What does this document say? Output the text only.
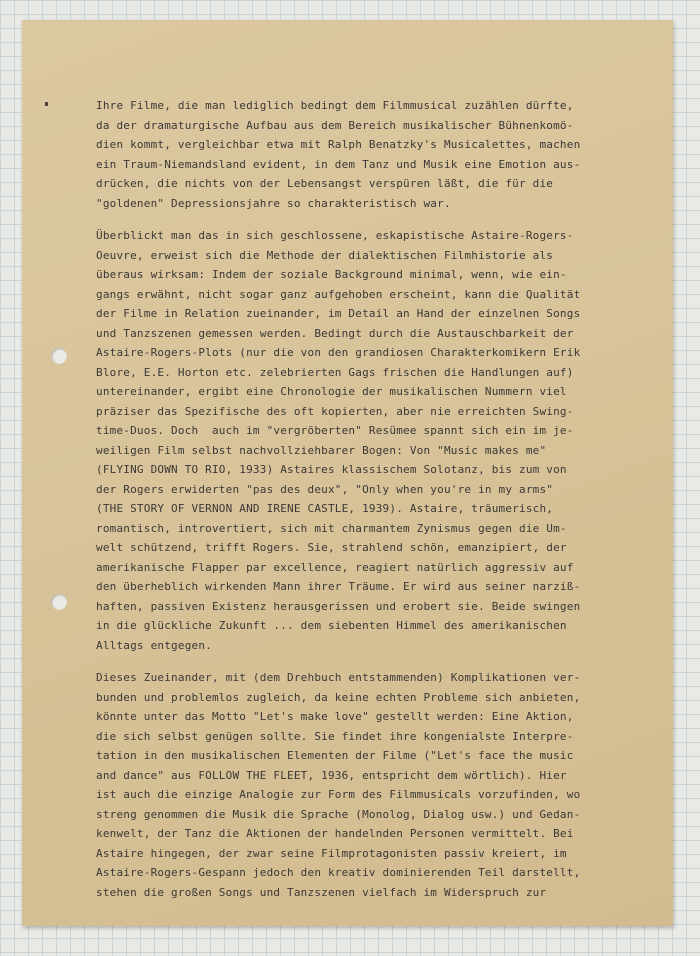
Ihre Filme, die man lediglich bedingt dem Filmmusical zuzählen dürfte,
da der dramaturgische Aufbau aus dem Bereich musikalischer Bühnenkomö-
dien kommt, vergleichbar etwa mit Ralph Benatzky's Musicalettes, machen
ein Traum-Niemandsland evident, in dem Tanz und Musik eine Emotion aus-
drücken, die nichts von der Lebensangst verspüren läßt, die für die
"goldenen" Depressionsjahre so charakteristisch war.

Überblickt man das in sich geschlossene, eskapistische Astaire-Rogers-
Oeuvre, erweist sich die Methode der dialektischen Filmhistorie als
überaus wirksam: Indem der soziale Background minimal, wenn, wie ein-
gangs erwähnt, nicht sogar ganz aufgehoben erscheint, kann die Qualität
der Filme in Relation zueinander, im Detail an Hand der einzelnen Songs
und Tanzszenen gemessen werden. Bedingt durch die Austauschbarkeit der
Astaire-Rogers-Plots (nur die von den grandiosen Charakterkomikern Erik
Blore, E.E. Horton etc. zelebrierten Gags frischen die Handlungen auf)
untereinander, ergibt eine Chronologie der musikalischen Nummern viel
präziser das Spezifische des oft kopierten, aber nie erreichten Swing-
time-Duos. Doch  auch im "vergröberten" Resümee spannt sich ein im je-
weiligen Film selbst nachvollziehbarer Bogen: Von "Music makes me"
(FLYING DOWN TO RIO, 1933) Astaires klassischem Solotanz, bis zum von
der Rogers erwiderten "pas des deux", "Only when you're in my arms"
(THE STORY OF VERNON AND IRENE CASTLE, 1939). Astaire, träumerisch,
romantisch, introvertiert, sich mit charmantem Zynismus gegen die Um-
welt schützend, trifft Rogers. Sie, strahlend schön, emanzipiert, der
amerikanische Flapper par excellence, reagiert natürlich aggressiv auf
den überheblich wirkenden Mann ihrer Träume. Er wird aus seiner narziß-
haften, passiven Existenz herausgerissen und erobert sie. Beide swingen
in die glückliche Zukunft ... dem siebenten Himmel des amerikanischen
Alltags entgegen.

Dieses Zueinander, mit (dem Drehbuch entstammenden) Komplikationen ver-
bunden und problemlos zugleich, da keine echten Probleme sich anbieten,
könnte unter das Motto "Let's make love" gestellt werden: Eine Aktion,
die sich selbst genügen sollte. Sie findet ihre kongenialste Interpre-
tation in den musikalischen Elementen der Filme ("Let's face the music
and dance" aus FOLLOW THE FLEET, 1936, entspricht dem wörtlich). Hier
ist auch die einzige Analogie zur Form des Filmmusicals vorzufinden, wo
streng genommen die Musik die Sprache (Monolog, Dialog usw.) und Gedan-
kenwelt, der Tanz die Aktionen der handelnden Personen vermittelt. Bei
Astaire hingegen, der zwar seine Filmprotagonisten passiv kreiert, im
Astaire-Rogers-Gespann jedoch den kreativ dominierenden Teil darstellt,
stehen die großen Songs und Tanzszenen vielfach im Widerspruch zur
